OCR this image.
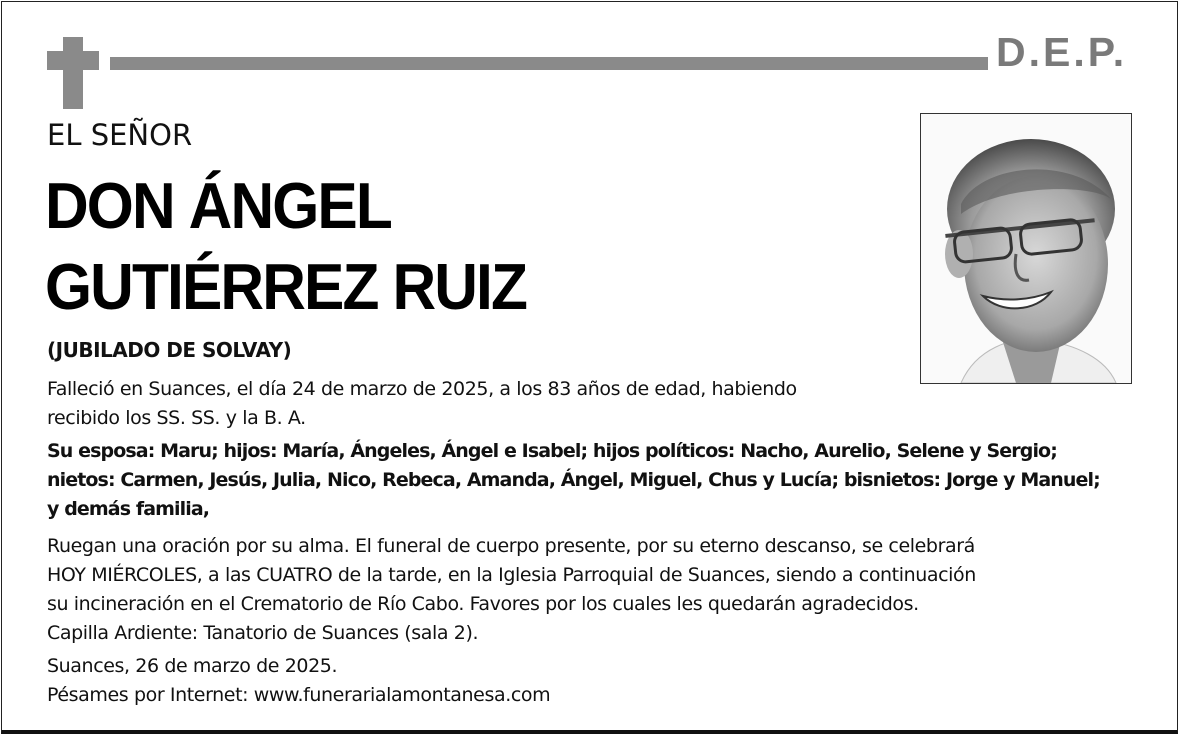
D.E.P.
EL SEÑOR
DON ÁNGEL
GUTIÉRREZ RUIZ
(JUBILADO DE SOLVAY)
Falleció en Suances, el día 24 de marzo de 2025, a los 83 años de edad, habiendo
recibido los SS. SS. y la B. A.
Su esposa: Maru; hijos: María, Ángeles, Ángel e Isabel; hijos políticos: Nacho, Aurelio, Selene y Sergio;
nietos: Carmen, Jesús, Julia, Nico, Rebeca, Amanda, Ángel, Miguel, Chus y Lucía; bisnietos: Jorge y Manuel;
y demás familia,
Ruegan una oración por su alma. El funeral de cuerpo presente, por su eterno descanso, se celebrará
HOY MIÉRCOLES, a las CUATRO de la tarde, en la Iglesia Parroquial de Suances, siendo a continuación
su incineración en el Crematorio de Río Cabo. Favores por los cuales les quedarán agradecidos.
Capilla Ardiente: Tanatorio de Suances (sala 2).
Suances, 26 de marzo de 2025.
Pésames por Internet: www.funerarialamontanesa.com
